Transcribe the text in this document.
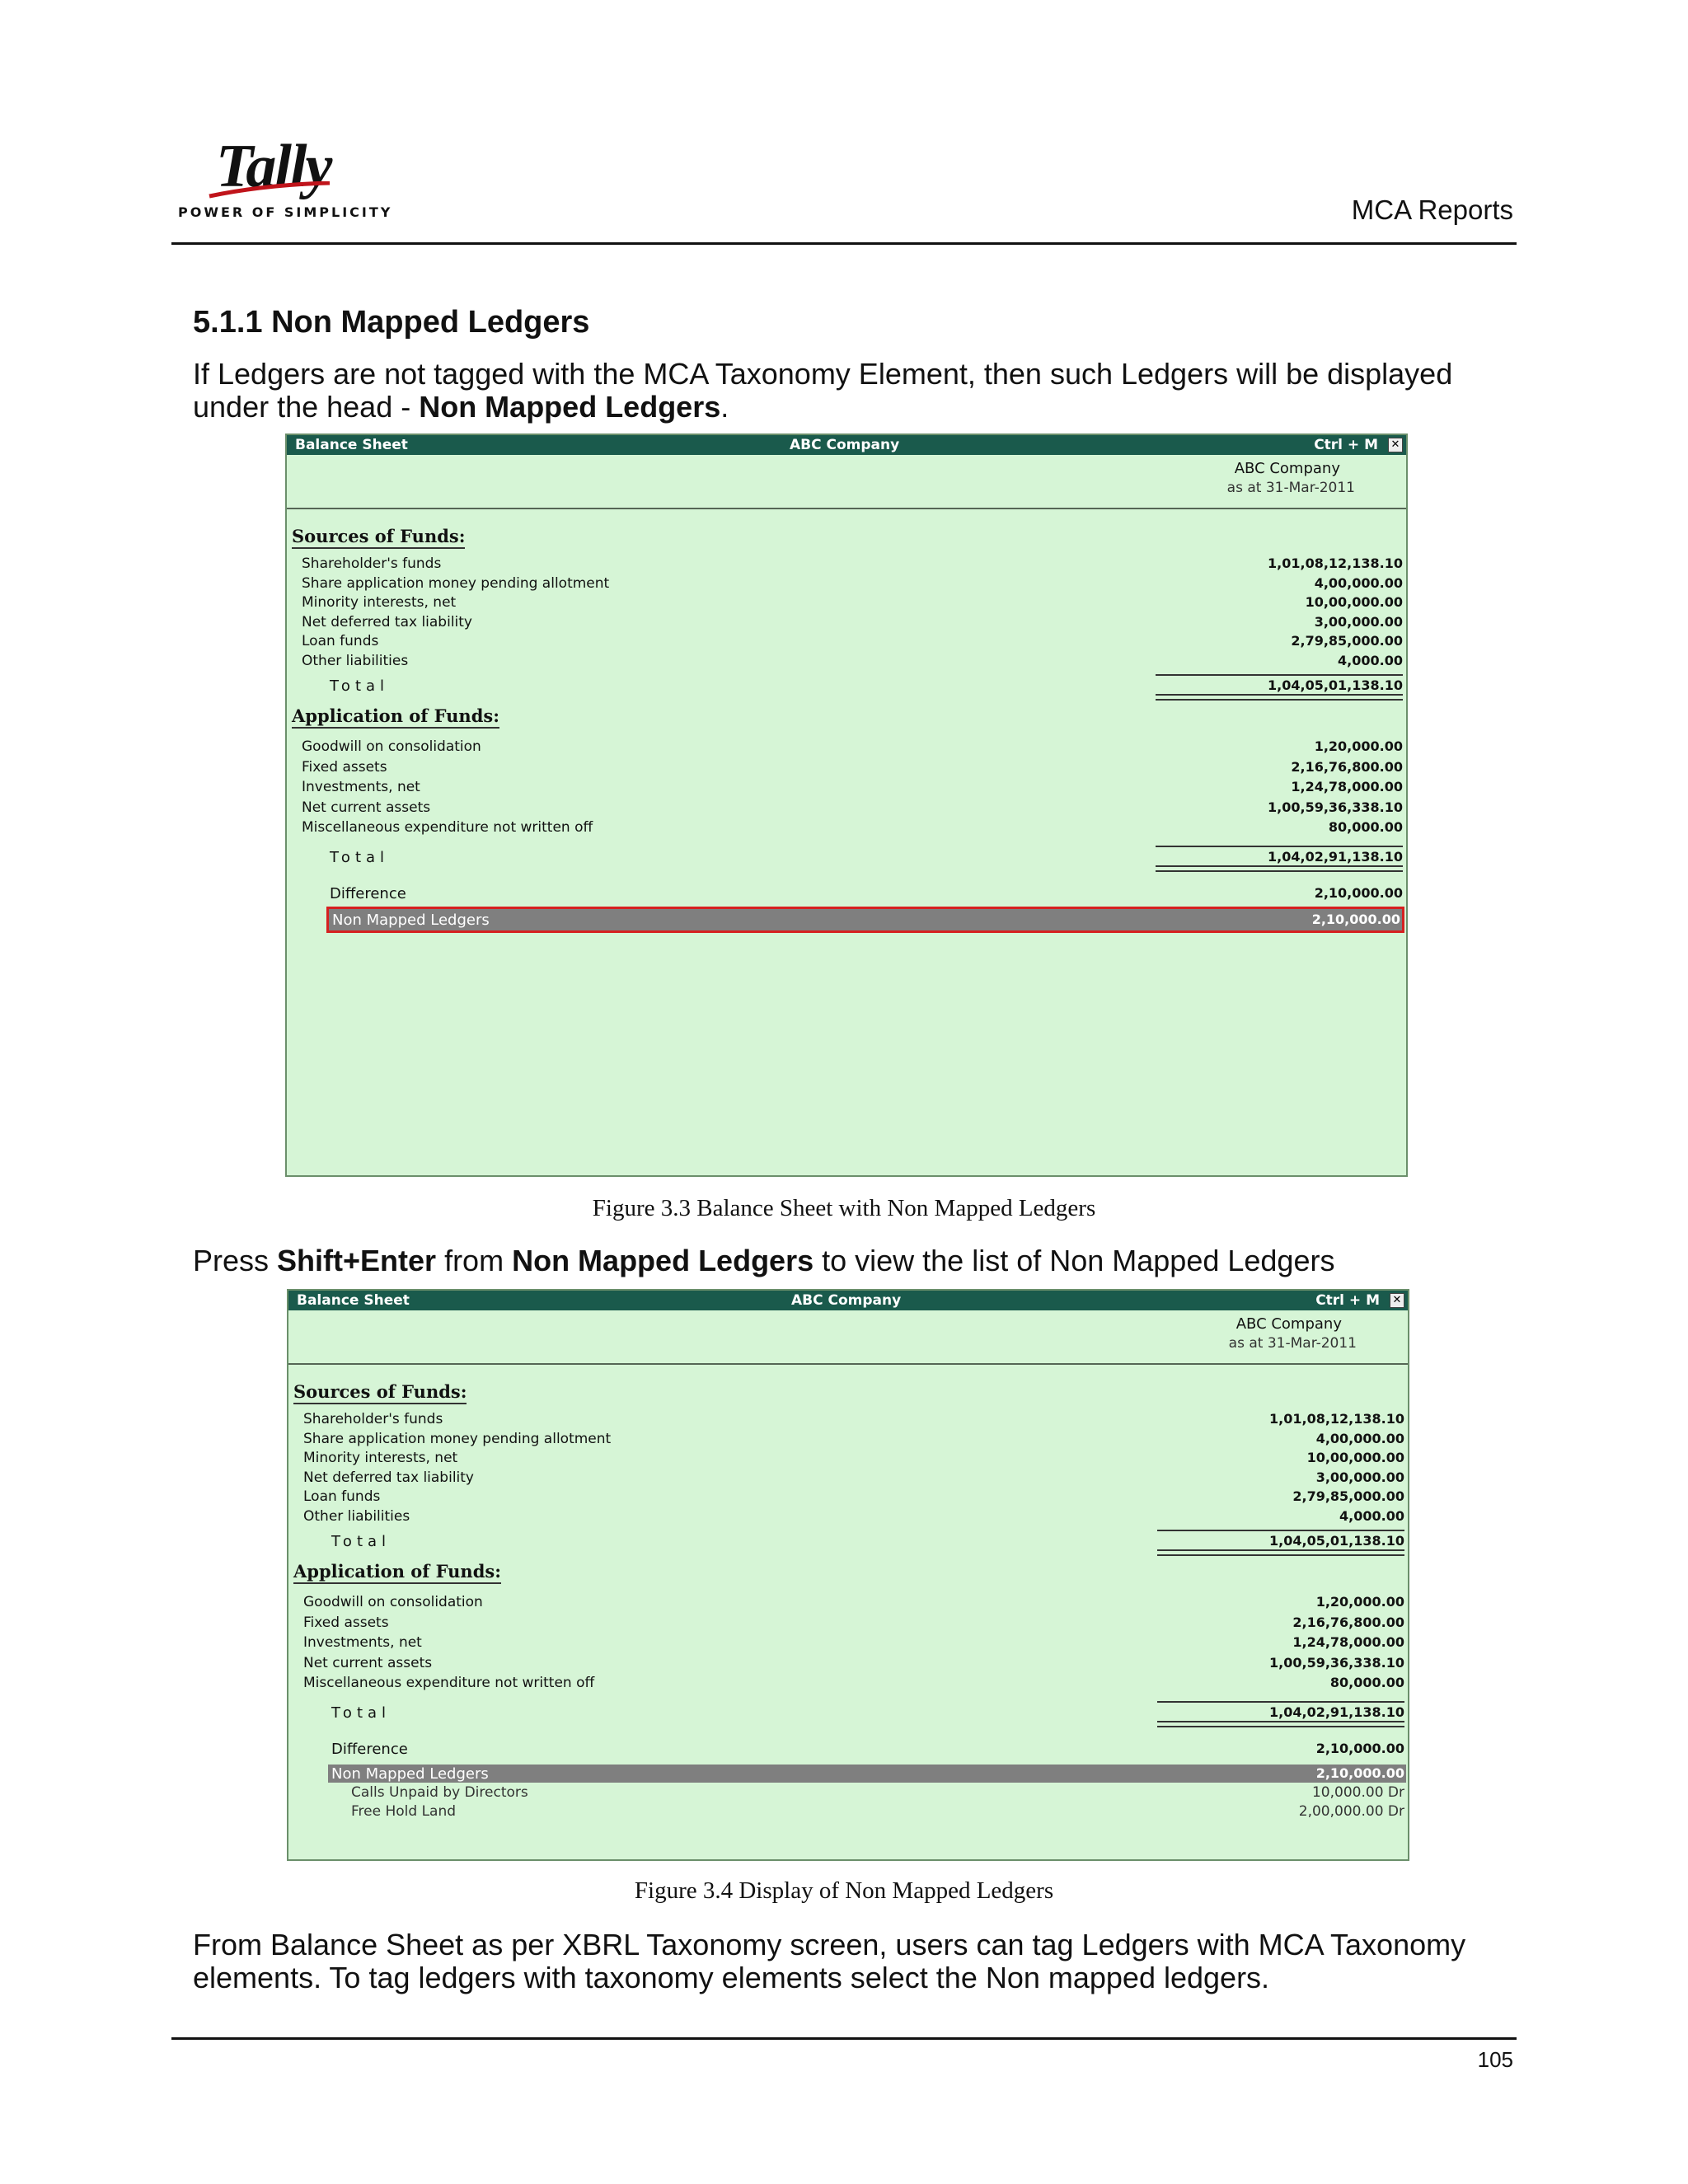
Tally
POWER OF SIMPLICITY	MCA Reports
5.1.1 Non Mapped Ledgers
If Ledgers are not tagged with the MCA Taxonomy Element, then such Ledgers will be displayed under the head - Non Mapped Ledgers.
Balance Sheet	ABC Company	Ctrl + M ✕
ABC Company
as at 31-Mar-2011
Sources of Funds:
Shareholder's funds	1,01,08,12,138.10
Share application money pending allotment	4,00,000.00
Minority interests, net	10,00,000.00
Net deferred tax liability	3,00,000.00
Loan funds	2,79,85,000.00
Other liabilities	4,000.00
Total	1,04,05,01,138.10
Application of Funds:
Goodwill on consolidation	1,20,000.00
Fixed assets	2,16,76,800.00
Investments, net	1,24,78,000.00
Net current assets	1,00,59,36,338.10
Miscellaneous expenditure not written off	80,000.00
Total	1,04,02,91,138.10
Difference	2,10,000.00
Non Mapped Ledgers	2,10,000.00
Figure 3.3 Balance Sheet with Non Mapped Ledgers
Press Shift+Enter from Non Mapped Ledgers to view the list of Non Mapped Ledgers
Balance Sheet	ABC Company	Ctrl + M ✕
ABC Company
as at 31-Mar-2011
Sources of Funds:
Shareholder's funds	1,01,08,12,138.10
Share application money pending allotment	4,00,000.00
Minority interests, net	10,00,000.00
Net deferred tax liability	3,00,000.00
Loan funds	2,79,85,000.00
Other liabilities	4,000.00
Total	1,04,05,01,138.10
Application of Funds:
Goodwill on consolidation	1,20,000.00
Fixed assets	2,16,76,800.00
Investments, net	1,24,78,000.00
Net current assets	1,00,59,36,338.10
Miscellaneous expenditure not written off	80,000.00
Total	1,04,02,91,138.10
Difference	2,10,000.00
Non Mapped Ledgers	2,10,000.00
Calls Unpaid by Directors	10,000.00 Dr
Free Hold Land	2,00,000.00 Dr
Figure 3.4 Display of Non Mapped Ledgers
From Balance Sheet as per XBRL Taxonomy screen, users can tag Ledgers with MCA Taxonomy elements. To tag ledgers with taxonomy elements select the Non mapped ledgers.
105
